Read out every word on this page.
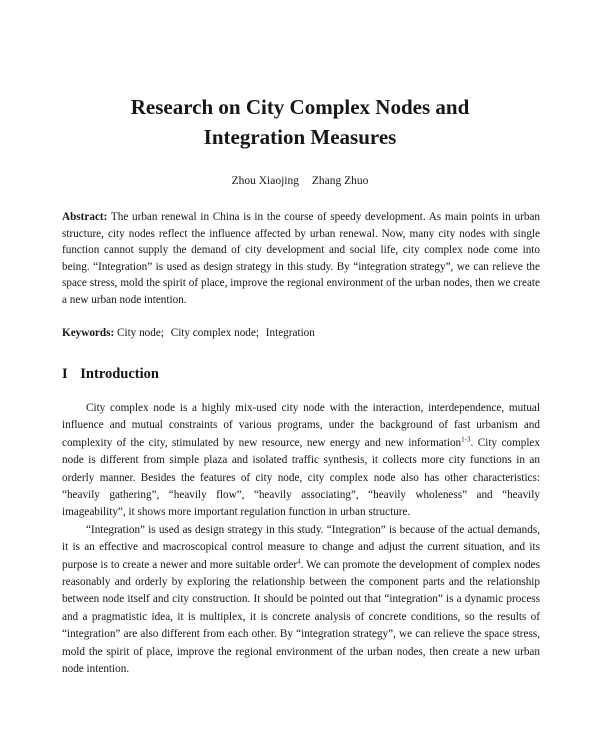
Research on City Complex Nodes and
Integration Measures

Zhou Xiaojing Zhang Zhuo

Abstract: The urban renewal in China is in the course of speedy development. As main points in urban structure, city nodes reflect the influence affected by urban renewal. Now, many city nodes with single function cannot supply the demand of city development and social life, city complex node come into being. “Integration” is used as design strategy in this study. By “integration strategy”, we can relieve the space stress, mold the spirit of place, improve the regional environment of the urban nodes, then we create a new urban node intention.

Keywords: City node; City complex node; Integration

I Introduction

City complex node is a highly mix-used city node with the interaction, interdependence, mutual influence and mutual constraints of various programs, under the background of fast urbanism and complexity of the city, stimulated by new resource, new energy and new information$^{1-3}$. City complex node is different from simple plaza and isolated traffic synthesis, it collects more city functions in an orderly manner. Besides the features of city node, city complex node also has other characteristics: “heavily gathering”, “heavily flow”, “heavily associating”, “heavily wholeness” and “heavily imageability”, it shows more important regulation function in urban structure.

“Integration” is used as design strategy in this study. “Integration” is because of the actual demands, it is an effective and macroscopical control measure to change and adjust the current situation, and its purpose is to create a newer and more suitable order$^4$. We can promote the development of complex nodes reasonably and orderly by exploring the relationship between the component parts and the relationship between node itself and city construction. It should be pointed out that “integration” is a dynamic process and a pragmatistic idea, it is multiplex, it is concrete analysis of concrete conditions, so the results of “integration” are also different from each other. By “integration strategy”, we can relieve the space stress, mold the spirit of place, improve the regional environment of the urban nodes, then create a new urban node intention.
